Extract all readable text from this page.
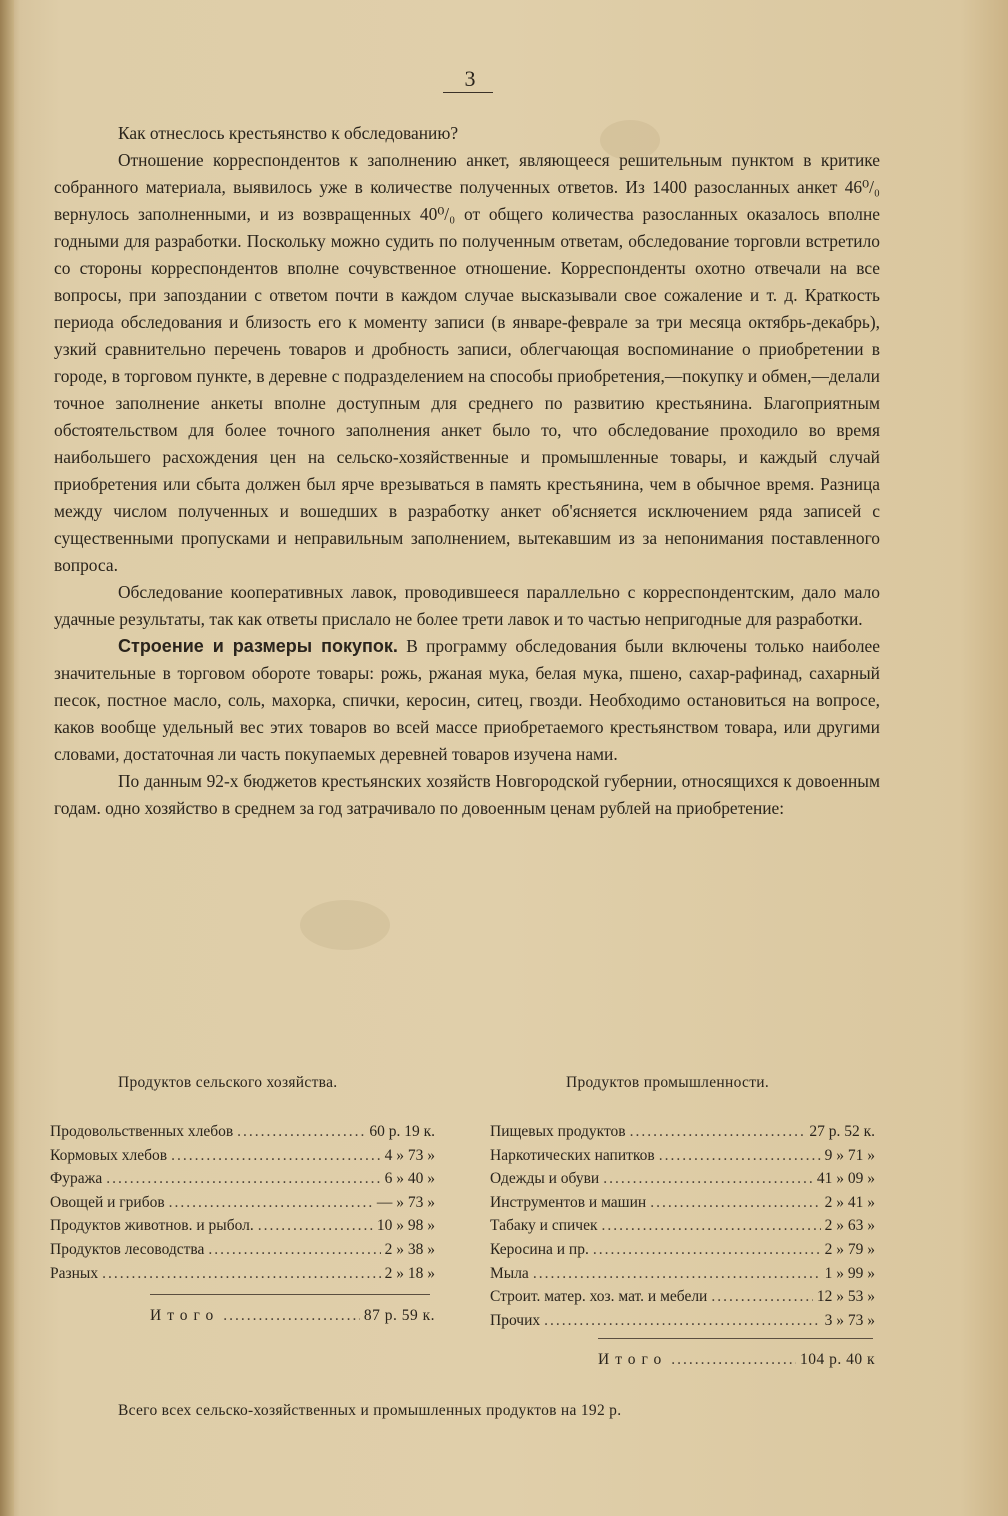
3

Как отнеслось крестьянство к обследованию?

Отношение корреспондентов к заполнению анкет, являющееся решительным пунктом в критике собранного материала, выявилось уже в количестве полученных ответов. Из 1400 разосланных анкет 46⁰/₀ вернулось заполненными, и из возвращенных 40⁰/₀ от общего количества разосланных оказалось вполне годными для разработки. Поскольку можно судить по полученным ответам, обследование торговли встретило со стороны корреспондентов вполне сочувственное отношение. Корреспонденты охотно отвечали на все вопросы, при запоздании с ответом почти в каждом случае высказывали свое сожаление и т. д. Краткость периода обследования и близость его к моменту записи (в январе-феврале за три месяца октябрь-декабрь), узкий сравнительно перечень товаров и дробность записи, облегчающая воспоминание о приобретении в городе, в торговом пункте, в деревне с подразделением на способы приобретения,—покупку и обмен,—делали точное заполнение анкеты вполне доступным для среднего по развитию крестьянина. Благоприятным обстоятельством для более точного заполнения анкет было то, что обследование проходило во время наибольшего расхождения цен на сельско-хозяйственные и промышленные товары, и каждый случай приобретения или сбыта должен был ярче врезываться в память крестьянина, чем в обычное время. Разница между числом полученных и вошедших в разработку анкет об'ясняется исключением ряда записей с существенными пропусками и неправильным заполнением, вытекавшим из за непонимания поставленного вопроса.

Обследование кооперативных лавок, проводившееся параллельно с корреспондентским, дало мало удачные результаты, так как ответы прислало не более трети лавок и то частью непригодные для разработки.

Строение и размеры покупок. В программу обследования были включены только наиболее значительные в торговом обороте товары: рожь, ржаная мука, белая мука, пшено, сахар-рафинад, сахарный песок, постное масло, соль, махорка, спички, керосин, ситец, гвозди. Необходимо остановиться на вопросе, каков вообще удельный вес этих товаров во всей массе приобретаемого крестьянством товара, или другими словами, достаточная ли часть покупаемых деревней товаров изучена нами.

По данным 92-х бюджетов крестьянских хозяйств Новгородской губернии, относящихся к довоенным годам. одно хозяйство в среднем за год затрачивало по довоенным ценам рублей на приобретение:

Продуктов сельского хозяйства.
Продовольственных хлебов .....	60 р. 19 к.
Кормовых хлебов .....	4 » 73 »
Фуража .....	6 » 40 »
Овощей и грибов .....	— » 73 »
Продуктов животнов. и рыбол. .....	10 » 98 »
Продуктов лесоводства .....	2 » 38 »
Разных .....	2 » 18 »
Итого .....	87 р. 59 к.
Продуктов промышленности.
Пищевых продуктов .....	27 р. 52 к.
Наркотических напитков .....	9 » 71 »
Одежды и обуви .....	41 » 09 »
Инструментов и машин .....	2 » 41 »
Табаку и спичек .....	2 » 63 »
Керосина и пр. .....	2 » 79 »
Мыла .....	1 » 99 »
Строит. матер. хоз. мат. и мебели .....	12 » 53 »
Прочих .....	3 » 73 »
Итого .....	104 р. 40 к
Всего всех сельско-хозяйственных и промышленных продуктов на 192 р.
